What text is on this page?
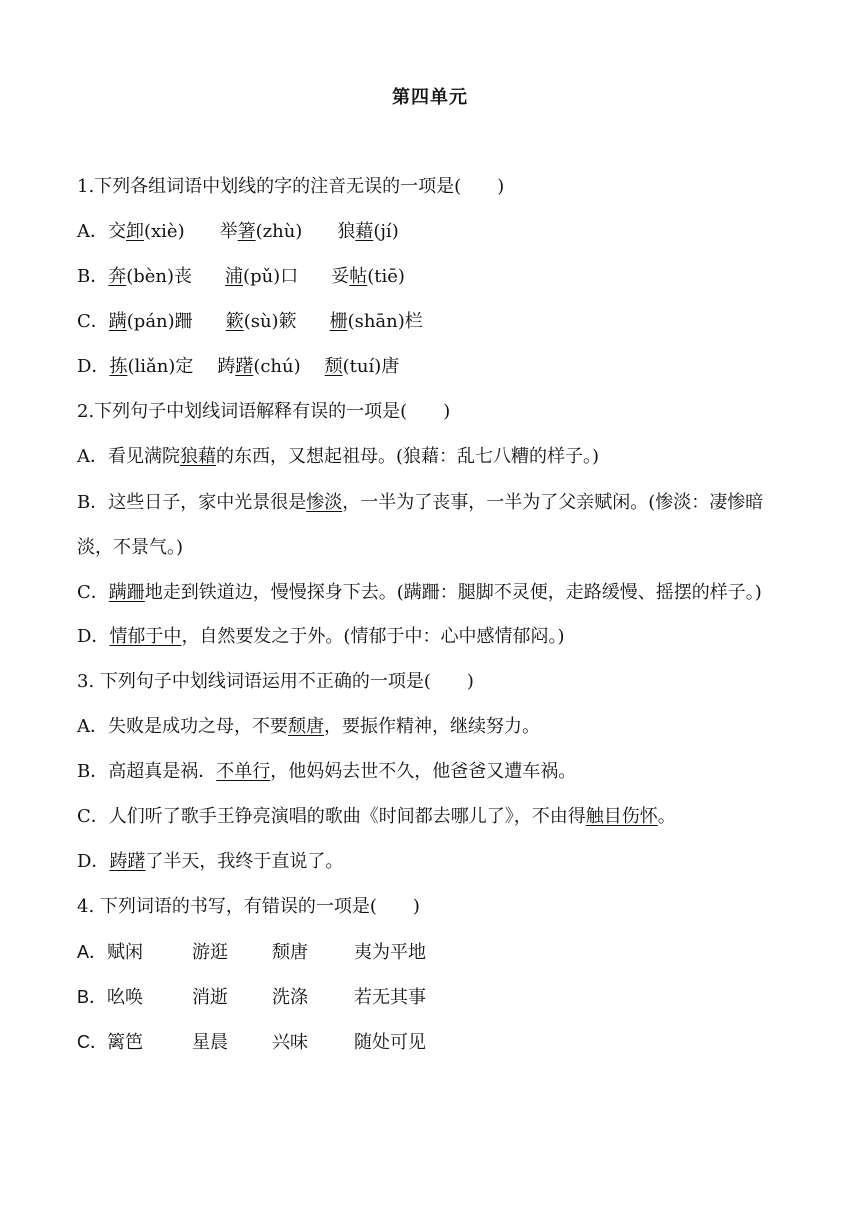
第四单元
1.下列各组词语中划线的字的注音无误的一项是(　　)
A．交卸(xiè) 举箸(zhù) 狼藉(jí)
B．奔(bèn)丧 浦(pǔ)口 妥帖(tiē)
C．蹒(pán)跚 簌(sù)簌 栅(shān)栏
D．拣(liǎn)定 踌躇(chú) 颓(tuí)唐
2.下列句子中划线词语解释有误的一项是(　　)
A．看见满院狼藉的东西，又想起祖母。(狼藉：乱七八糟的样子。)
B．这些日子，家中光景很是惨淡，一半为了丧事，一半为了父亲赋闲。(惨淡：凄惨暗淡，不景气。)
C．蹒跚地走到铁道边，慢慢探身下去。(蹒跚：腿脚不灵便，走路缓慢、摇摆的样子。)
D．情郁于中，自然要发之于外。(情郁于中：心中感情郁闷。)
3. 下列句子中划线词语运用不正确的一项是(　　)
A．失败是成功之母，不要颓唐，要振作精神，继续努力。
B．高超真是祸．不单行，他妈妈去世不久，他爸爸又遭车祸。
C．人们听了歌手王铮亮演唱的歌曲《时间都去哪儿了》，不由得触目伤怀。
D．踌躇了半天，我终于直说了。
4. 下列词语的书写，有错误的一项是(　　)
A．赋闲	游逛 颓唐	夷为平地
B．吆唤	消逝 洗涤	若无其事
C．篱笆	星晨 兴味	随处可见
